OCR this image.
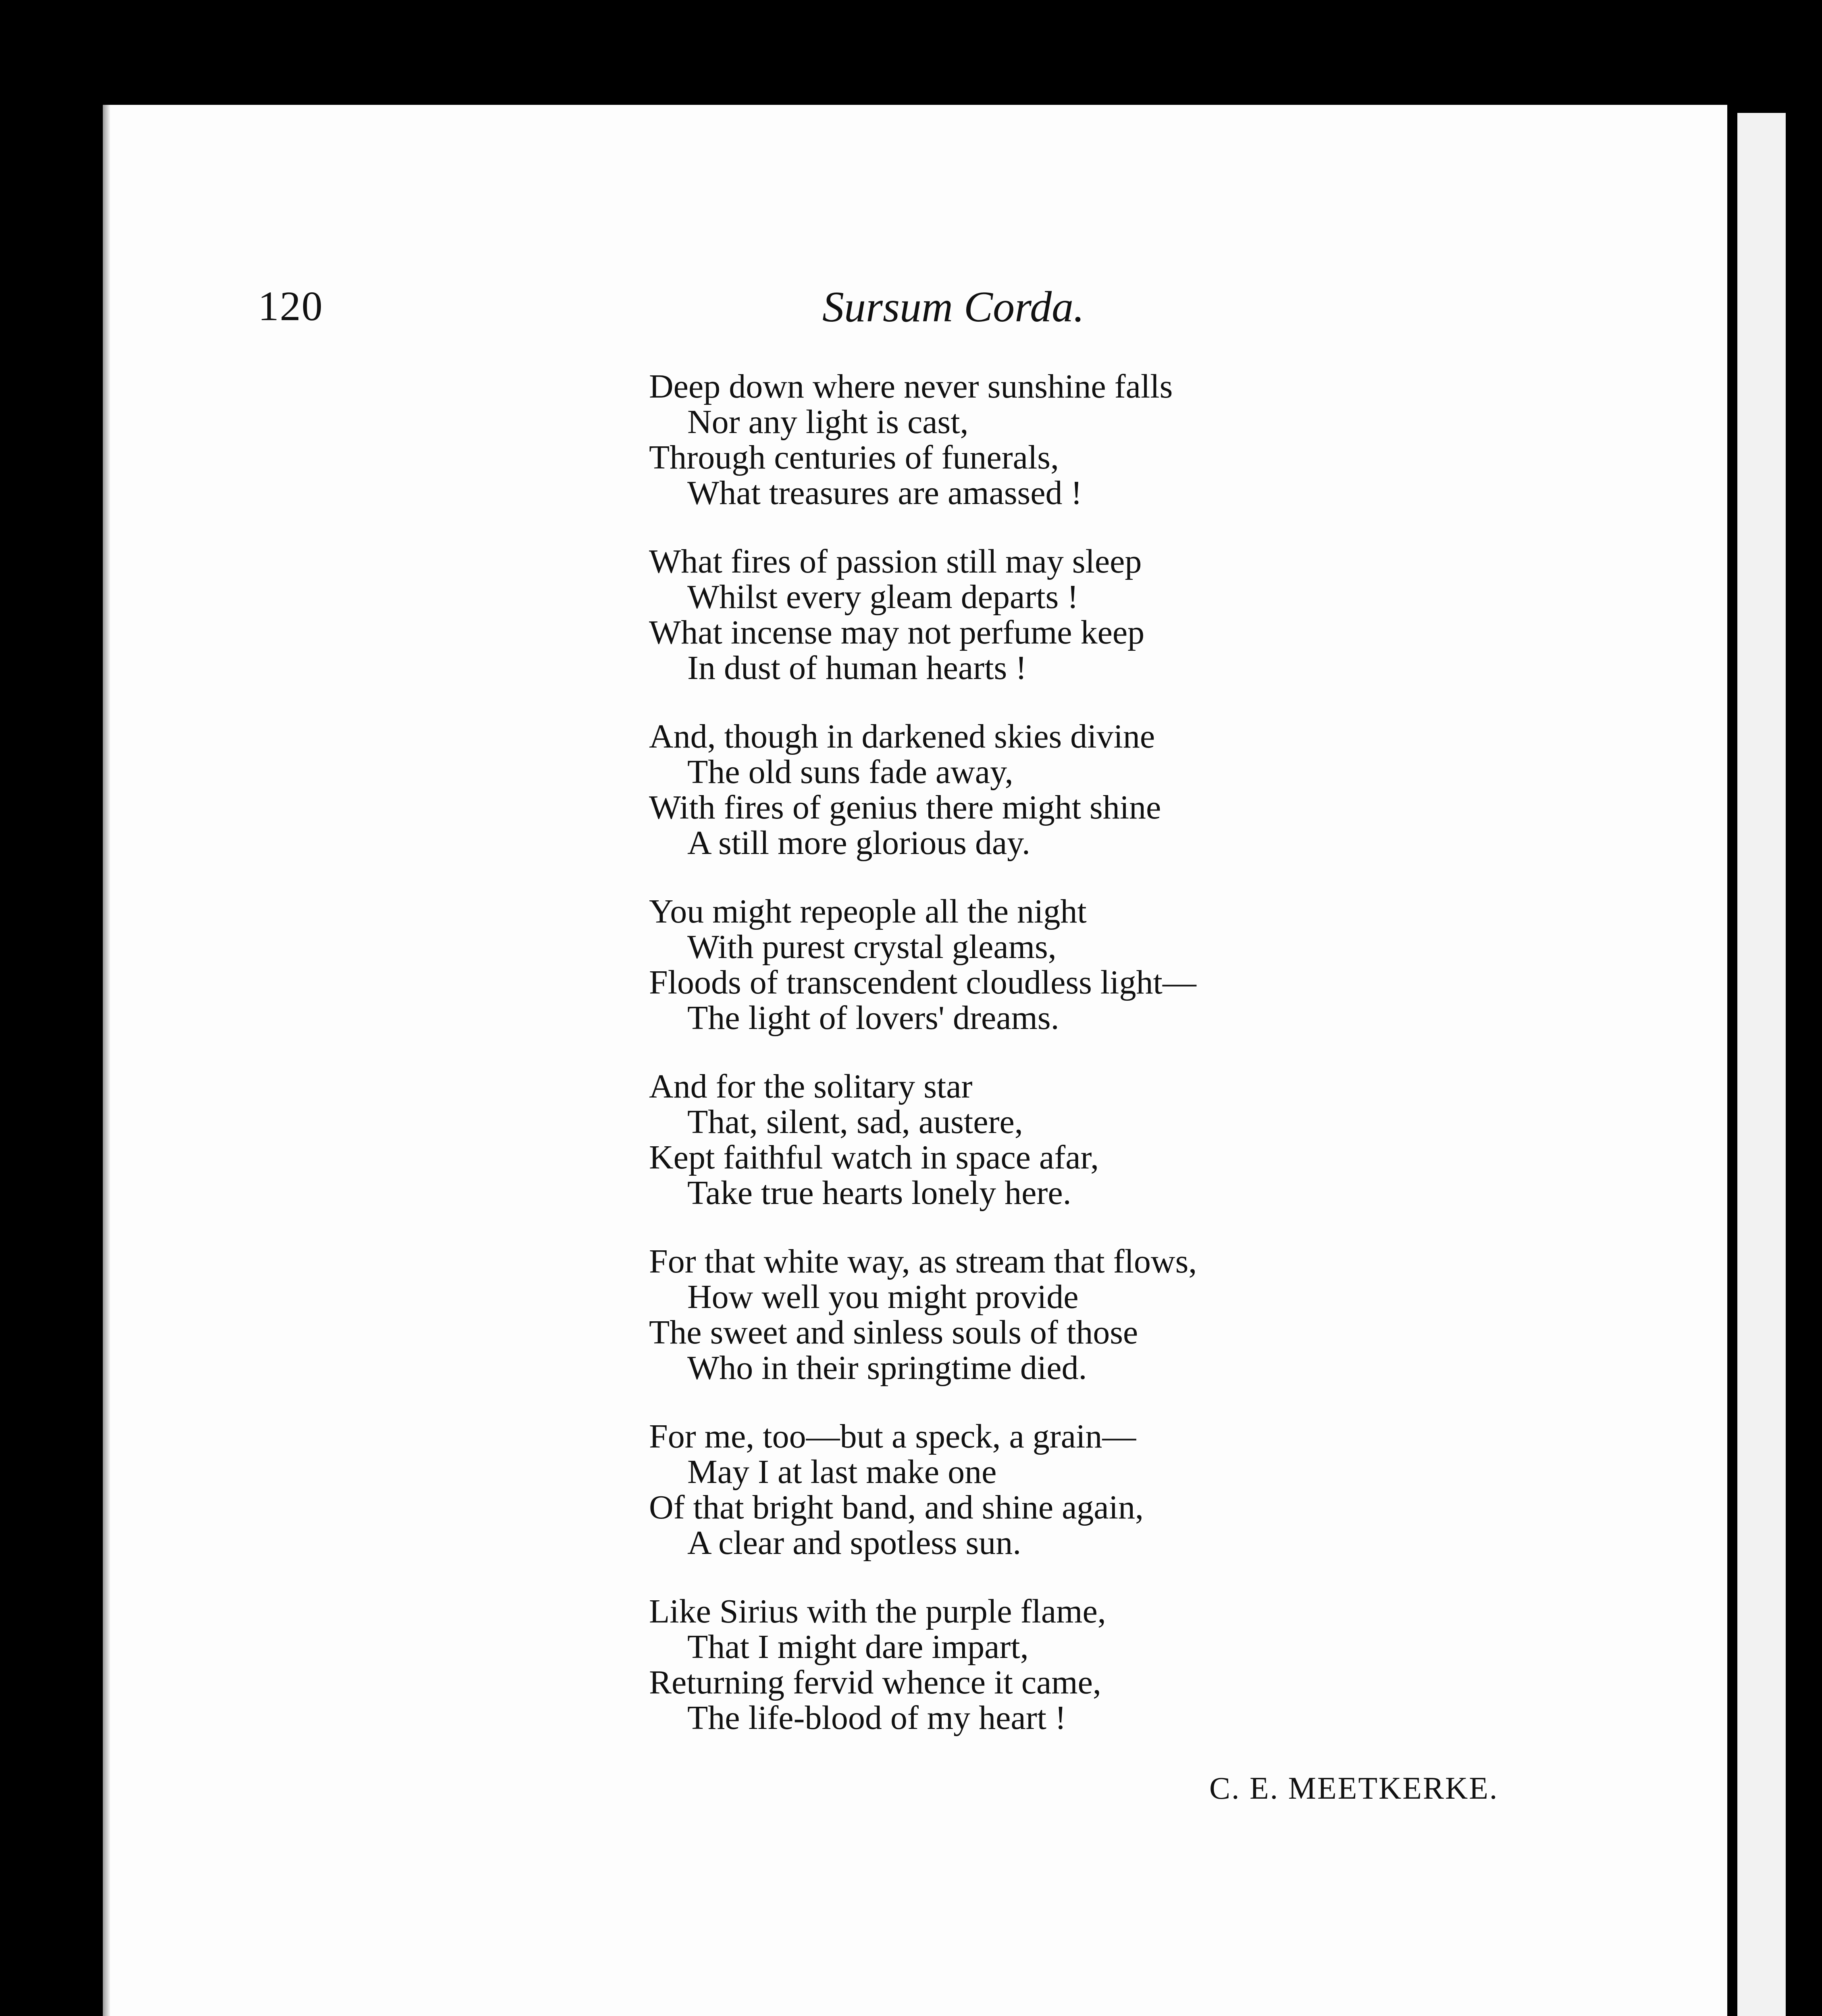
120	Sursum Corda.
Deep down where never sunshine falls
Nor any light is cast,
Through centuries of funerals,
What treasures are amassed !
What fires of passion still may sleep
Whilst every gleam departs !
What incense may not perfume keep
In dust of human hearts !
And, though in darkened skies divine
The old suns fade away,
With fires of genius there might shine
A still more glorious day.
You might repeople all the night
With purest crystal gleams,
Floods of transcendent cloudless light—
The light of lovers' dreams.
And for the solitary star
That, silent, sad, austere,
Kept faithful watch in space afar,
Take true hearts lonely here.
For that white way, as stream that flows,
How well you might provide
The sweet and sinless souls of those
Who in their springtime died.
For me, too—but a speck, a grain—
May I at last make one
Of that bright band, and shine again,
A clear and spotless sun.
Like Sirius with the purple flame,
That I might dare impart,
Returning fervid whence it came,
The life-blood of my heart !
C. E. MEETKERKE.
